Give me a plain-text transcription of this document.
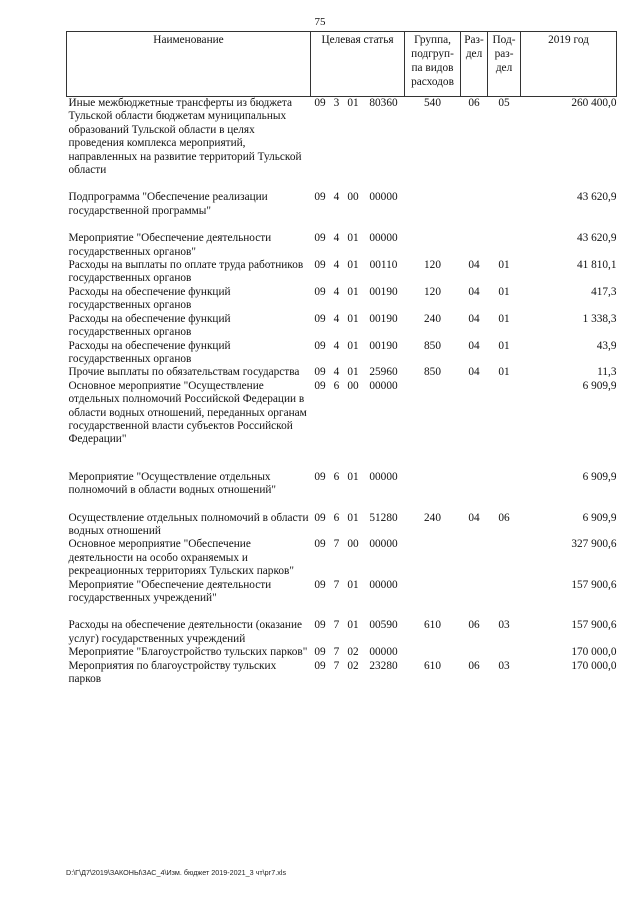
75
Наименование	Целевая статья				Группа, подгруп- па видов расходов	Раз- дел	Под- раз- дел	2019 год
Иные межбюджетные трансферты из бюджета Тульской области бюджетам муниципальных образований Тульской области в целях проведения комплекса мероприятий, направленных на развитие территорий Тульской области	09	3	01	80360	540	06	05	260 400,0

Подпрограмма "Обеспечение реализации государственной программы"	09	4	00	00000				43 620,9

Мероприятие "Обеспечение деятельности государственных органов"	09	4	01	00000				43 620,9
Расходы на выплаты по оплате труда работников государственных органов	09	4	01	00110	120	04	01	41 810,1
Расходы на обеспечение функций государственных органов	09	4	01	00190	120	04	01	417,3
Расходы на обеспечение функций государственных органов	09	4	01	00190	240	04	01	1 338,3
Расходы на обеспечение функций государственных органов	09	4	01	00190	850	04	01	43,9
Прочие выплаты по обязательствам государства	09	4	01	25960	850	04	01	11,3
Основное мероприятие "Осуществление отдельных полномочий Российской Федерации в области водных отношений, переданных органам государственной власти субъектов Российской Федерации"	09	6	00	00000				6 909,9

Мероприятие "Осуществление отдельных полномочий в области водных отношений"	09	6	01	00000				6 909,9

Осуществление отдельных полномочий в области водных отношений	09	6	01	51280	240	04	06	6 909,9
Основное мероприятие "Обеспечение деятельности на особо охраняемых и рекреационных территориях Тульских парков"	09	7	00	00000				327 900,6
Мероприятие "Обеспечение деятельности государственных учреждений"	09	7	01	00000				157 900,6

Расходы на обеспечение деятельности (оказание услуг) государственных учреждений	09	7	01	00590	610	06	03	157 900,6
Мероприятие "Благоустройство тульских парков"	09	7	02	00000				170 000,0
Мероприятия по благоустройству тульских парков	09	7	02	23280	610	06	03	170 000,0
D:\Г\Д7\2019\ЗАКОНЫ\ЗАС_4\Изм. бюджет 2019-2021_3 чт\рг7.xls
